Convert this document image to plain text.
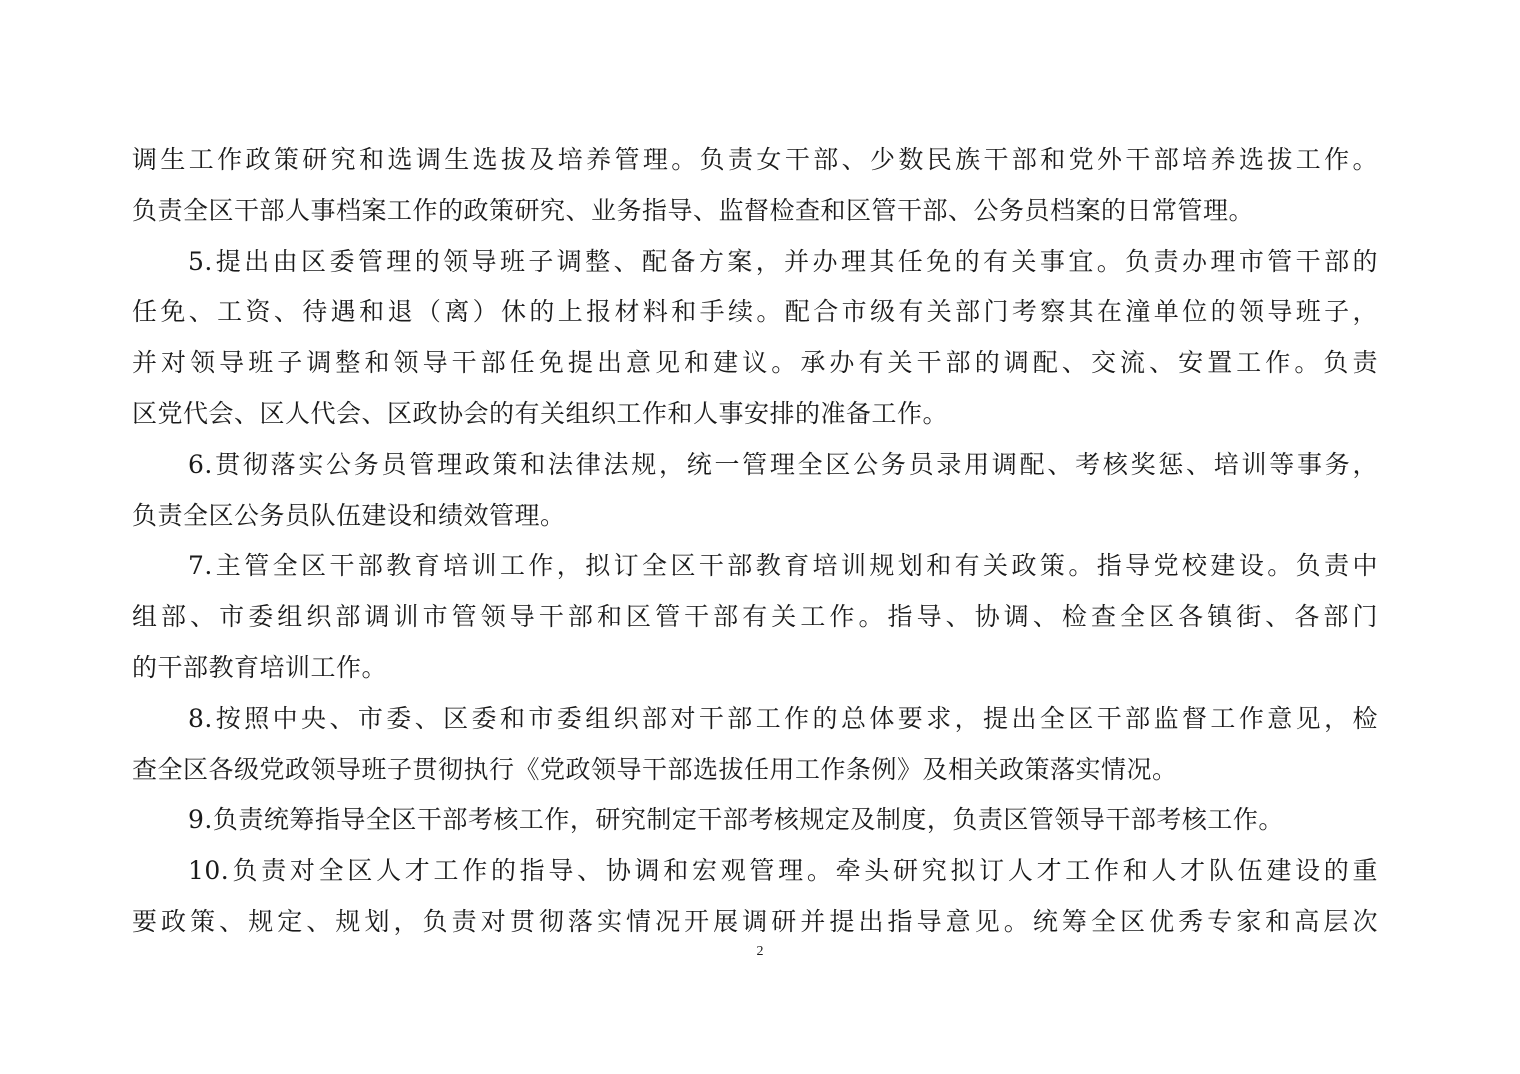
调生工作政策研究和选调生选拔及培养管理。负责女干部、少数民族干部和党外干部培养选拔工作。
负责全区干部人事档案工作的政策研究、业务指导、监督检查和区管干部、公务员档案的日常管理。
5.提出由区委管理的领导班子调整、配备方案，并办理其任免的有关事宜。负责办理市管干部的
任免、工资、待遇和退（离）休的上报材料和手续。配合市级有关部门考察其在潼单位的领导班子，
并对领导班子调整和领导干部任免提出意见和建议。承办有关干部的调配、交流、安置工作。负责
区党代会、区人代会、区政协会的有关组织工作和人事安排的准备工作。
6.贯彻落实公务员管理政策和法律法规，统一管理全区公务员录用调配、考核奖惩、培训等事务，
负责全区公务员队伍建设和绩效管理。
7.主管全区干部教育培训工作，拟订全区干部教育培训规划和有关政策。指导党校建设。负责中
组部、市委组织部调训市管领导干部和区管干部有关工作。指导、协调、检查全区各镇街、各部门
的干部教育培训工作。
8.按照中央、市委、区委和市委组织部对干部工作的总体要求，提出全区干部监督工作意见，检
查全区各级党政领导班子贯彻执行《党政领导干部选拔任用工作条例》及相关政策落实情况。
9.负责统筹指导全区干部考核工作，研究制定干部考核规定及制度，负责区管领导干部考核工作。
10.负责对全区人才工作的指导、协调和宏观管理。牵头研究拟订人才工作和人才队伍建设的重
要政策、规定、规划，负责对贯彻落实情况开展调研并提出指导意见。统筹全区优秀专家和高层次
2
